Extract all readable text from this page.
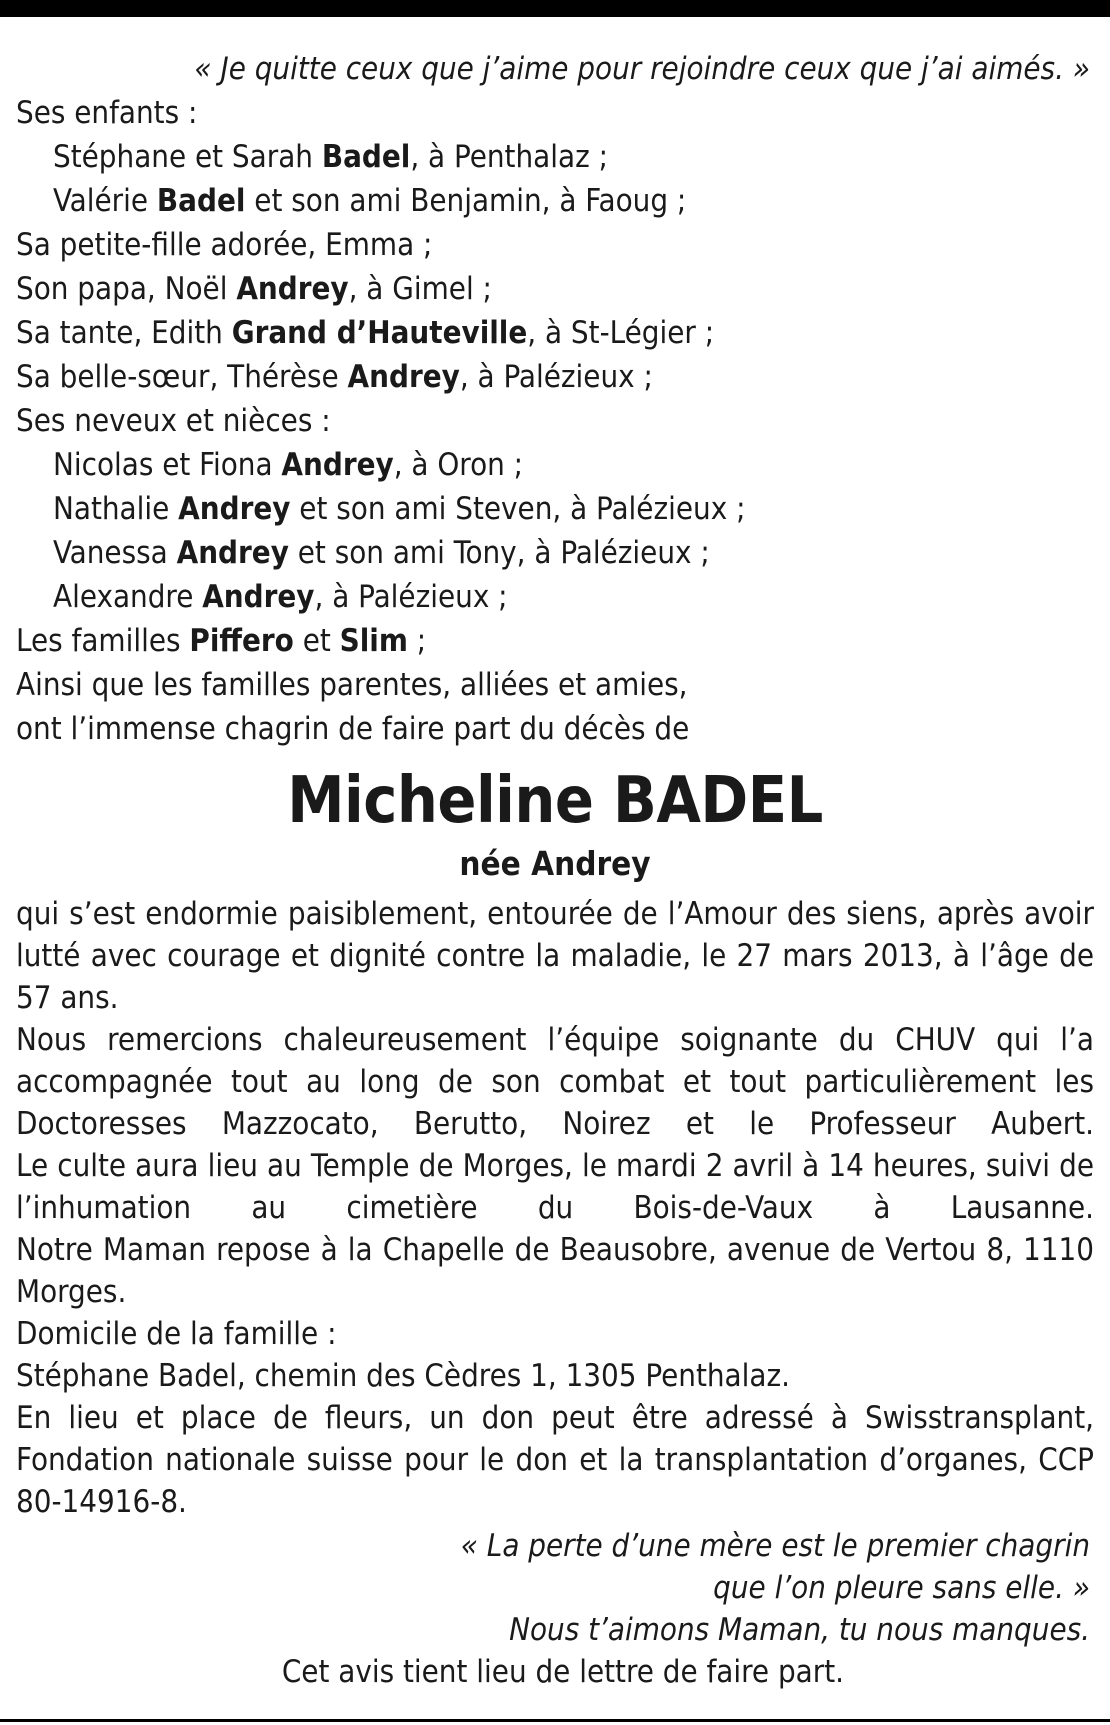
« Je quitte ceux que j’aime pour rejoindre ceux que j’ai aimés. »

Ses enfants :

Stéphane et Sarah Badel, à Penthalaz ;

Valérie Badel et son ami Benjamin, à Faoug ;

Sa petite-fille adorée, Emma ;

Son papa, Noël Andrey, à Gimel ;

Sa tante, Edith Grand d’Hauteville, à St-Légier ;

Sa belle-sœur, Thérèse Andrey, à Palézieux ;

Ses neveux et nièces :

Nicolas et Fiona Andrey, à Oron ;

Nathalie Andrey et son ami Steven, à Palézieux ;

Vanessa Andrey et son ami Tony, à Palézieux ;

Alexandre Andrey, à Palézieux ;

Les familles Piffero et Slim ;

Ainsi que les familles parentes, alliées et amies,

ont l’immense chagrin de faire part du décès de

Micheline BADEL

née Andrey

qui s’est endormie paisiblement, entourée de l’Amour des siens, après avoir lutté avec courage et dignité contre la maladie, le 27 mars 2013, à l’âge de 57 ans.

Nous remercions chaleureusement l’équipe soignante du CHUV qui l’a accompagnée tout au long de son combat et tout particulièrement les Doctoresses Mazzocato, Berutto, Noirez et le Professeur Aubert.

Le culte aura lieu au Temple de Morges, le mardi 2 avril à 14 heures, suivi de l’inhumation au cimetière du Bois-de-Vaux à Lausanne.

Notre Maman repose à la Chapelle de Beausobre, avenue de Vertou 8, 1110 Morges.

Domicile de la famille :

Stéphane Badel, chemin des Cèdres 1, 1305 Penthalaz.

En lieu et place de fleurs, un don peut être adressé à Swisstransplant, Fondation nationale suisse pour le don et la transplantation d’organes, CCP 80-14916-8.

« La perte d’une mère est le premier chagrin

que l’on pleure sans elle. »

Nous t’aimons Maman, tu nous manques.

Cet avis tient lieu de lettre de faire part.
